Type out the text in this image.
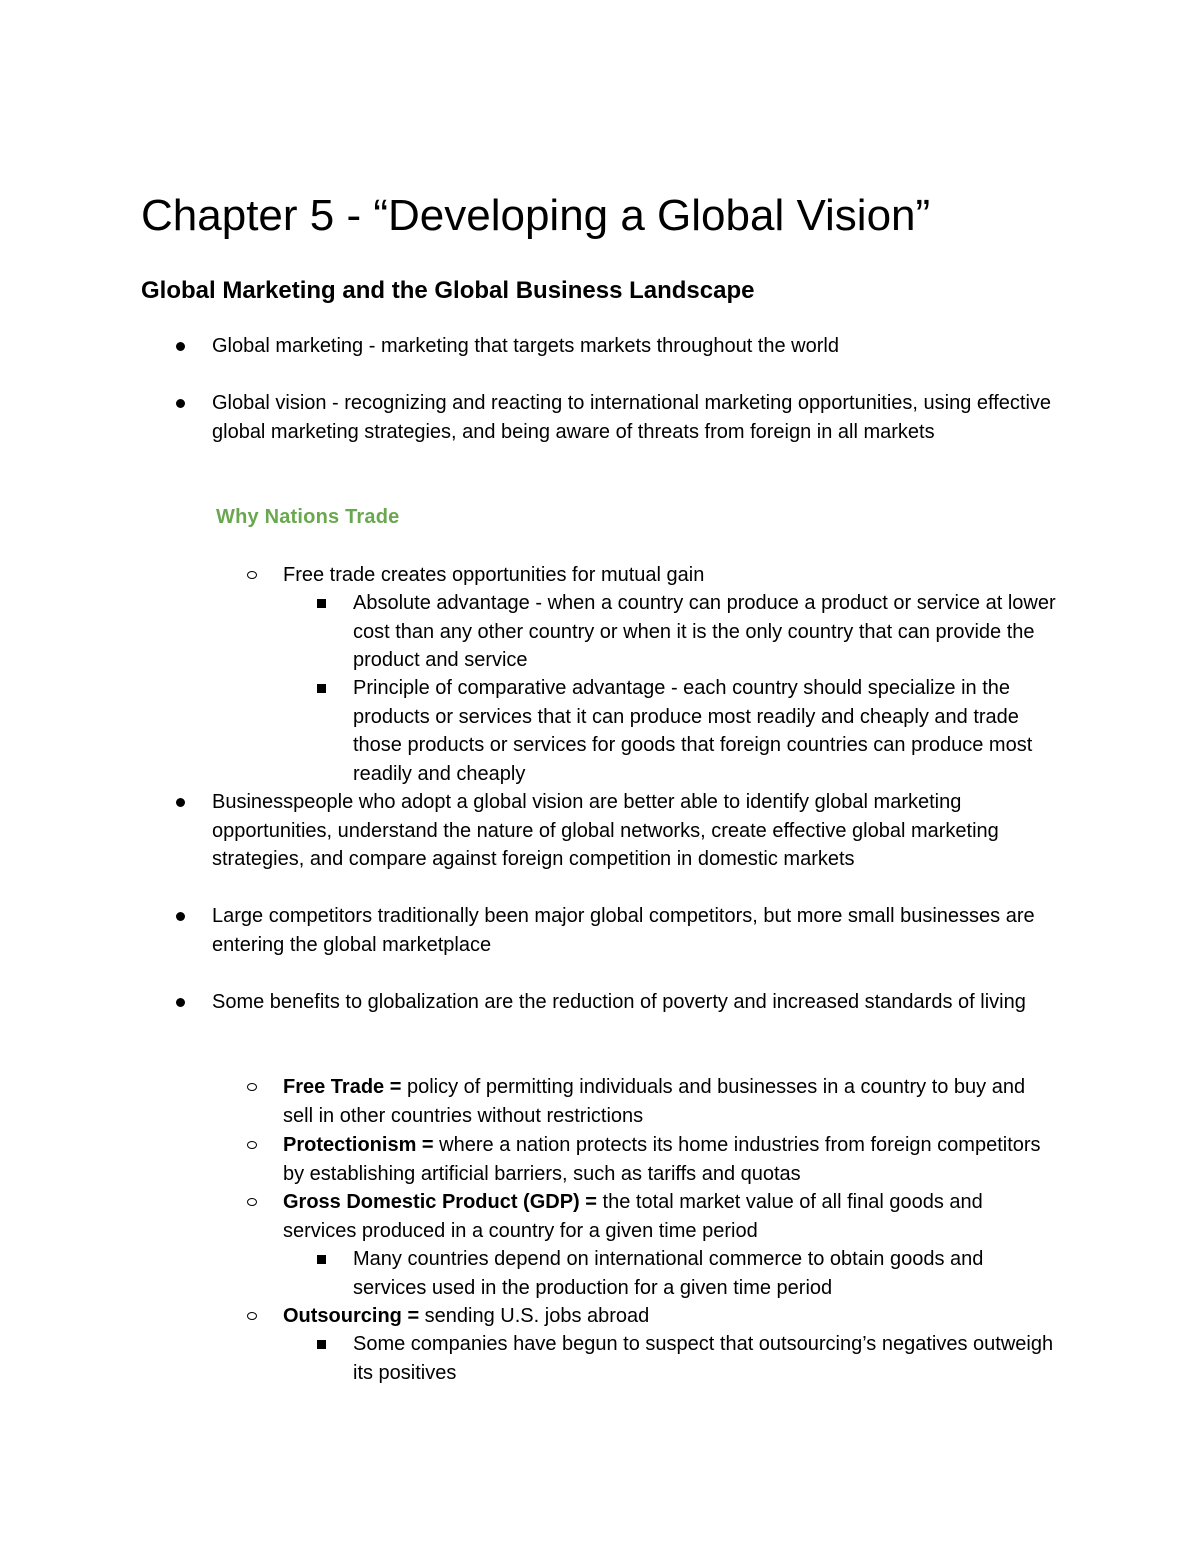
Chapter 5 - “Developing a Global Vision”
Global Marketing and the Global Business Landscape
Global marketing - marketing that targets markets throughout the world
Global vision - recognizing and reacting to international marketing opportunities, using effective global marketing strategies, and being aware of threats from foreign in all markets
Why Nations Trade
Free trade creates opportunities for mutual gain
Absolute advantage - when a country can produce a product or service at lower cost than any other country or when it is the only country that can provide the product and service
Principle of comparative advantage - each country should specialize in the products or services that it can produce most readily and cheaply and trade those products or services for goods that foreign countries can produce most readily and cheaply
Businesspeople who adopt a global vision are better able to identify global marketing opportunities, understand the nature of global networks, create effective global marketing strategies, and compare against foreign competition in domestic markets
Large competitors traditionally been major global competitors, but more small businesses are entering the global marketplace
Some benefits to globalization are the reduction of poverty and increased standards of living
Free Trade = policy of permitting individuals and businesses in a country to buy and sell in other countries without restrictions
Protectionism = where a nation protects its home industries from foreign competitors by establishing artificial barriers, such as tariffs and quotas
Gross Domestic Product (GDP) = the total market value of all final goods and services produced in a country for a given time period
Many countries depend on international commerce to obtain goods and services used in the production for a given time period
Outsourcing = sending U.S. jobs abroad
Some companies have begun to suspect that outsourcing’s negatives outweigh its positives
